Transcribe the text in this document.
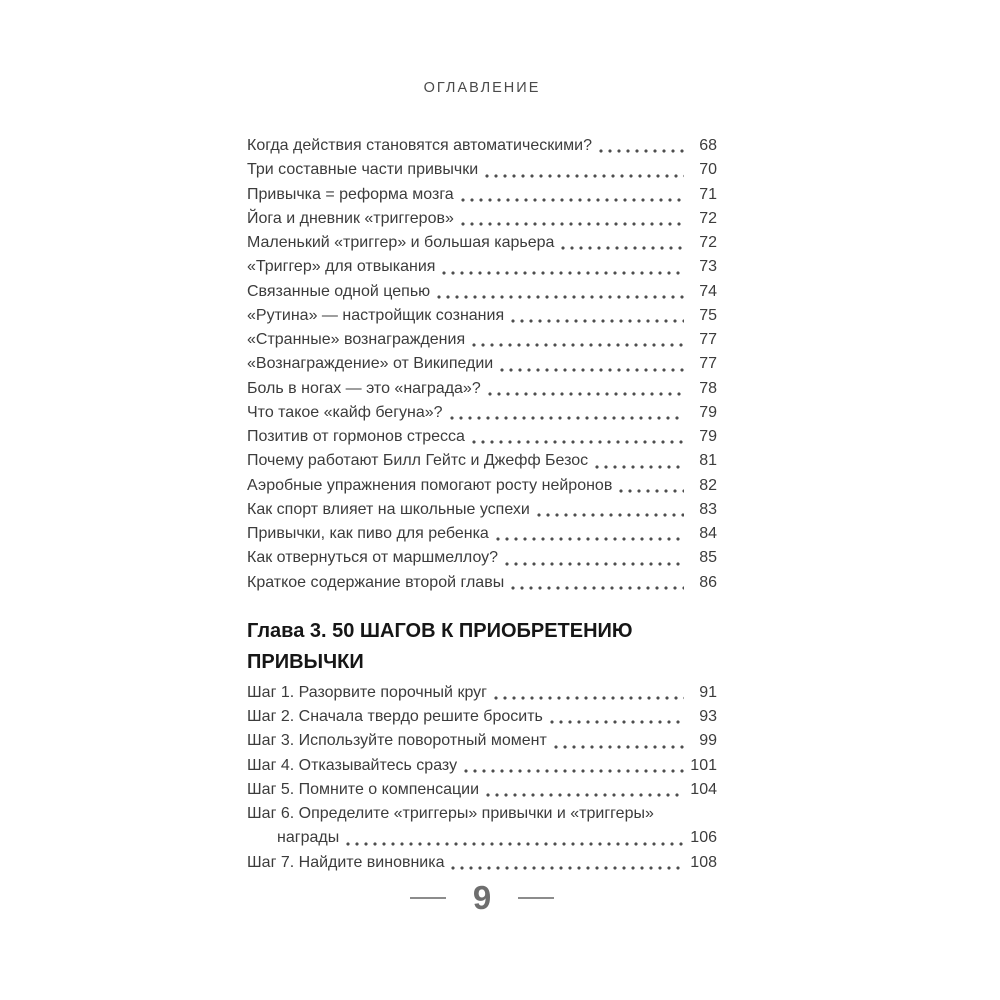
ОГЛАВЛЕНИЕ
Когда действия становятся автоматическими?	68
Три составные части привычки	70
Привычка = реформа мозга	71
Йога и дневник «триггеров»	72
Маленький «триггер» и большая карьера	72
«Триггер» для отвыкания	73
Связанные одной цепью	74
«Рутина» — настройщик сознания	75
«Странные» вознаграждения	77
«Вознаграждение» от Википедии	77
Боль в ногах — это «награда»?	78
Что такое «кайф бегуна»?	79
Позитив от гормонов стресса	79
Почему работают Билл Гейтс и Джефф Безос	81
Аэробные упражнения помогают росту нейронов	82
Как спорт влияет на школьные успехи	83
Привычки, как пиво для ребенка	84
Как отвернуться от маршмеллоу?	85
Краткое содержание второй главы	86
Глава 3. 50 ШАГОВ К ПРИОБРЕТЕНИЮ
ПРИВЫЧКИ
Шаг 1. Разорвите порочный круг	91
Шаг 2. Сначала твердо решите бросить	93
Шаг 3. Используйте поворотный момент	99
Шаг 4. Отказывайтесь сразу	101
Шаг 5. Помните о компенсации	104
Шаг 6. Определите «триггеры» привычки и «триггеры»
награды	106
Шаг 7. Найдите виновника	108
9
